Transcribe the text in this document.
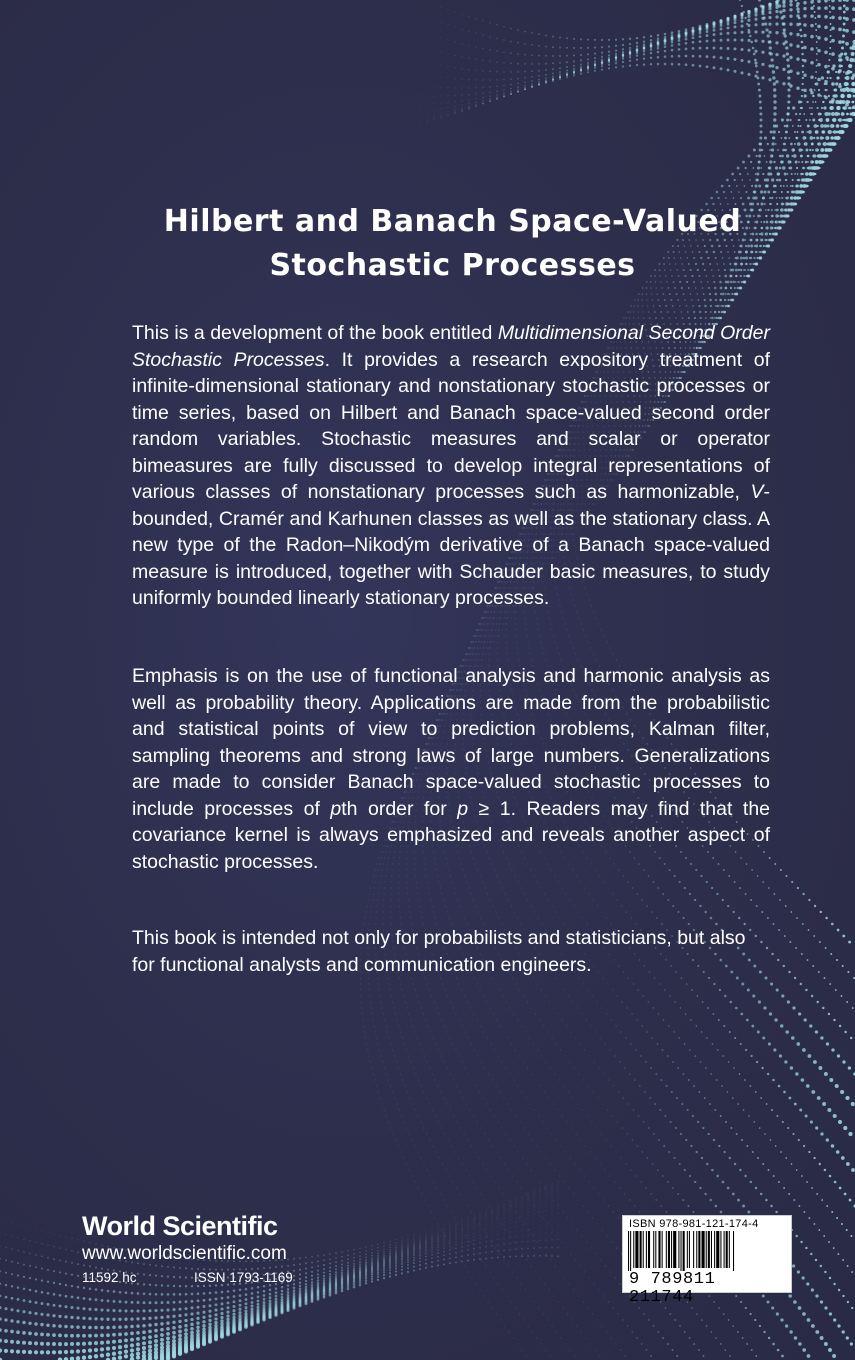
Hilbert and Banach Space-Valued
Stochastic Processes

This is a development of the book entitled Multidimensional Second Order Stochastic Processes. It provides a research expository treatment of infinite-dimensional stationary and nonstationary stochastic processes or time series, based on Hilbert and Banach space-valued second order random variables. Stochastic measures and scalar or operator bimeasures are fully discussed to develop integral representations of various classes of nonstationary processes such as harmonizable, V-bounded, Cramér and Karhunen classes as well as the stationary class. A new type of the Radon–Nikodým derivative of a Banach space-valued measure is introduced, together with Schauder basic measures, to study uniformly bounded linearly stationary processes.

Emphasis is on the use of functional analysis and harmonic analysis as well as probability theory. Applications are made from the probabilistic and statistical points of view to prediction problems, Kalman filter, sampling theorems and strong laws of large numbers. Generalizations are made to consider Banach space-valued stochastic processes to include processes of pth order for p ≥ 1. Readers may find that the covariance kernel is always emphasized and reveals another aspect of stochastic processes.

This book is intended not only for probabilists and statisticians, but also for functional analysts and communication engineers.

World Scientific
www.worldscientific.com
11592 hc	ISSN 1793-1169
ISBN 978-981-121-174-4
9 789811 211744
